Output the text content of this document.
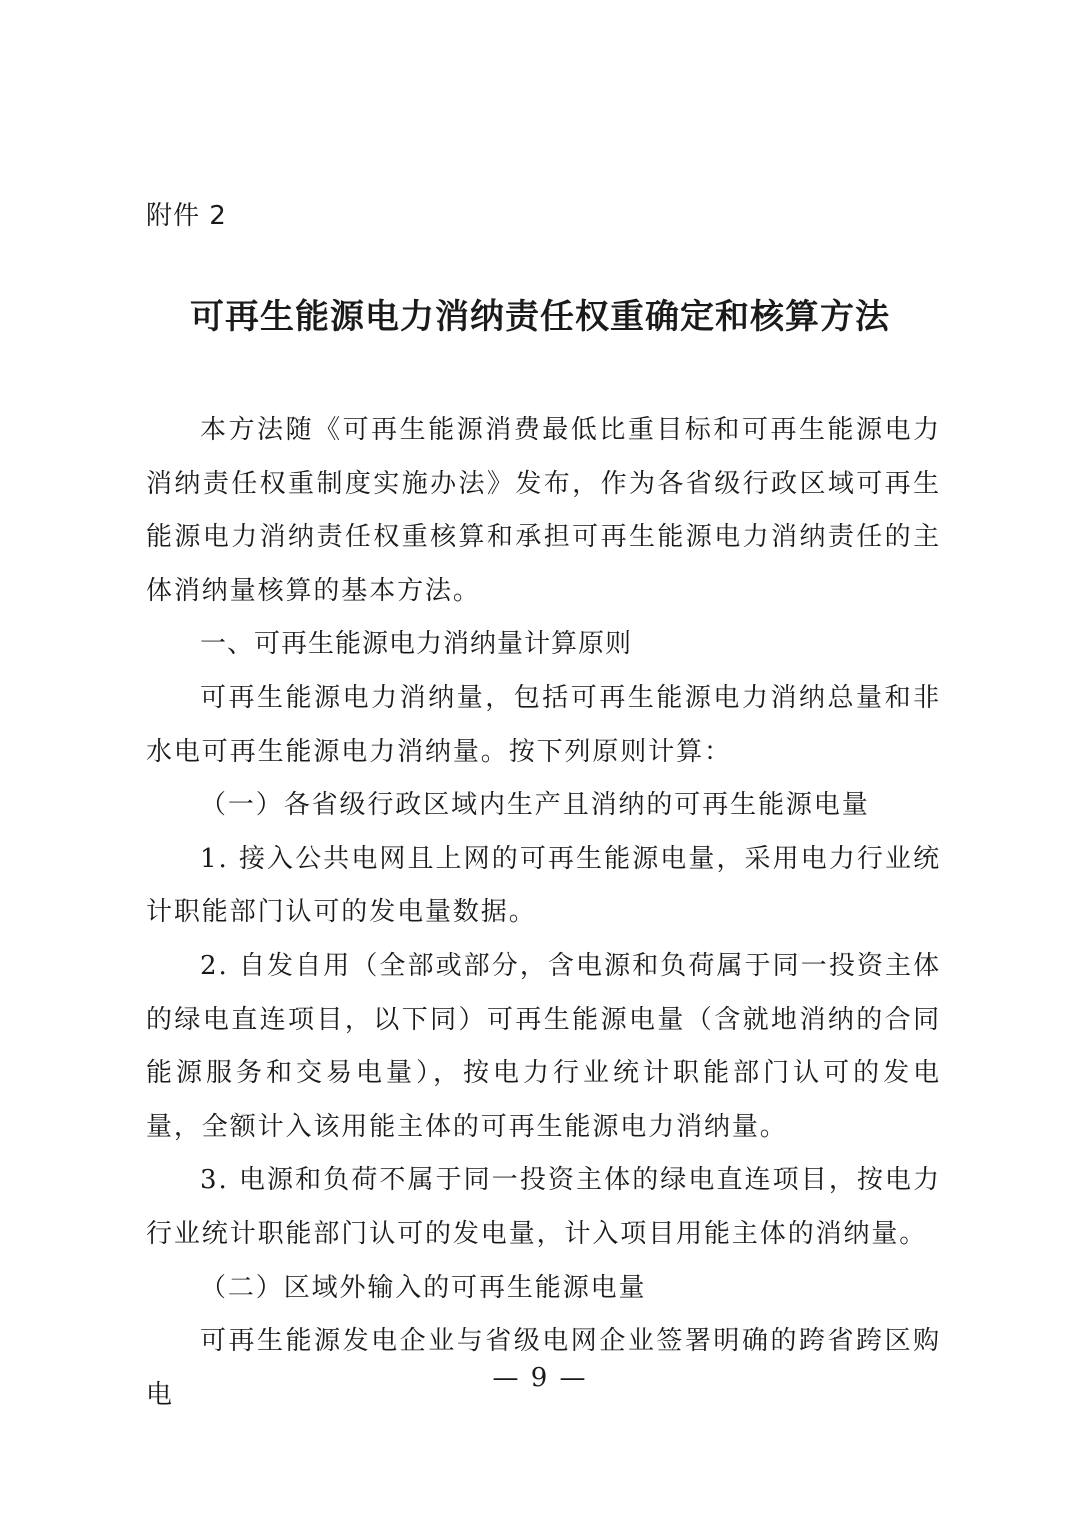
附件 2
可再生能源电力消纳责任权重确定和核算方法

本方法随《可再生能源消费最低比重目标和可再生能源电力消纳责任权重制度实施办法》发布，作为各省级行政区域可再生能源电力消纳责任权重核算和承担可再生能源电力消纳责任的主体消纳量核算的基本方法。

一、可再生能源电力消纳量计算原则

可再生能源电力消纳量，包括可再生能源电力消纳总量和非水电可再生能源电力消纳量。按下列原则计算：

（一）各省级行政区域内生产且消纳的可再生能源电量

1. 接入公共电网且上网的可再生能源电量，采用电力行业统计职能部门认可的发电量数据。

2. 自发自用（全部或部分，含电源和负荷属于同一投资主体的绿电直连项目，以下同）可再生能源电量（含就地消纳的合同能源服务和交易电量），按电力行业统计职能部门认可的发电量，全额计入该用能主体的可再生能源电力消纳量。

3. 电源和负荷不属于同一投资主体的绿电直连项目，按电力行业统计职能部门认可的发电量，计入项目用能主体的消纳量。

（二）区域外输入的可再生能源电量

可再生能源发电企业与省级电网企业签署明确的跨省跨区购电

— 9 —
